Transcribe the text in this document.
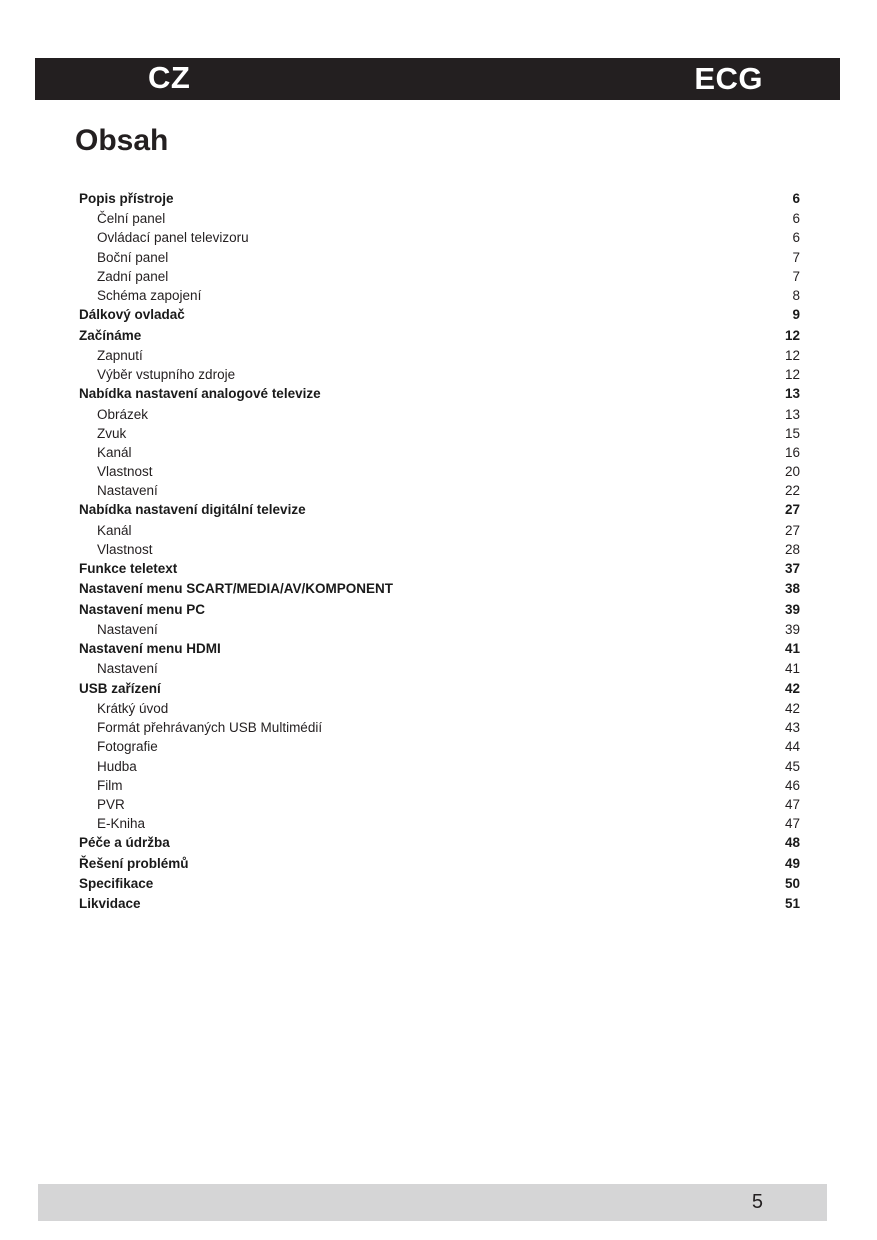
CZ	ECG
Obsah
Popis přístroje	6
Čelní panel	6
Ovládací panel televizoru	6
Boční panel	7
Zadní panel	7
Schéma zapojení	8
Dálkový ovladač	9
Začínáme	12
Zapnutí	12
Výběr vstupního zdroje	12
Nabídka nastavení analogové televize	13
Obrázek	13
Zvuk	15
Kanál	16
Vlastnost	20
Nastavení	22
Nabídka nastavení digitální televize	27
Kanál	27
Vlastnost	28
Funkce teletext	37
Nastavení menu SCART/MEDIA/AV/KOMPONENT	38
Nastavení menu PC	39
Nastavení	39
Nastavení menu HDMI	41
Nastavení	41
USB zařízení	42
Krátký úvod	42
Formát přehrávaných USB Multimédií	43
Fotografie	44
Hudba	45
Film	46
PVR	47
E-Kniha	47
Péče a údržba	48
Řešení problémů	49
Specifikace	50
Likvidace	51
5
